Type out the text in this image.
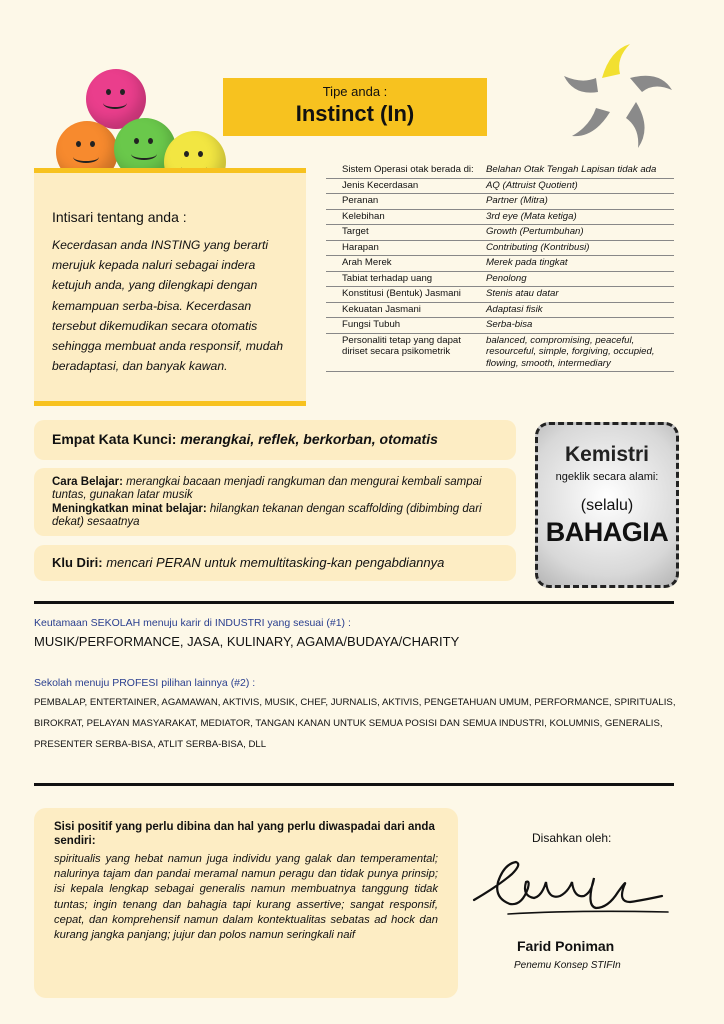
Tipe anda :
Instinct (In)
Intisari tentang anda :
Kecerdasan anda INSTING yang berarti merujuk kepada naluri sebagai indera ketujuh anda, yang dilengkapi dengan kemampuan serba-bisa. Kecerdasan tersebut dikemudikan secara otomatis sehingga membuat anda responsif, mudah beradaptasi, dan banyak kawan.
Sistem Operasi otak berada di:	Belahan Otak Tengah Lapisan tidak ada
Jenis Kecerdasan	AQ (Attruist Quotient)
Peranan	Partner (Mitra)
Kelebihan	3rd eye (Mata ketiga)
Target	Growth (Pertumbuhan)
Harapan	Contributing (Kontribusi)
Arah Merek	Merek pada tingkat
Tabiat terhadap uang	Penolong
Konstitusi (Bentuk) Jasmani	Stenis atau datar
Kekuatan Jasmani	Adaptasi fisik
Fungsi Tubuh	Serba-bisa
Personaliti tetap yang dapat diriset secara psikometrik	balanced, compromising, peaceful, resourceful, simple, forgiving, occupied, flowing, smooth, intermediary
Empat Kata Kunci: merangkai, reflek, berkorban, otomatis

Cara Belajar: merangkai bacaan menjadi rangkuman dan mengurai kembali sampai tuntas, gunakan latar musik

Meningkatkan minat belajar: hilangkan tekanan dengan scaffolding (dibimbing dari dekat) sesaatnya

Klu Diri: mencari PERAN untuk memultitasking-kan pengabdiannya
Kemistri
ngeklik secara alami:
(selalu)
BAHAGIA
Keutamaan SEKOLAH menuju karir di INDUSTRI yang sesuai (#1) :
MUSIK/PERFORMANCE, JASA, KULINARY, AGAMA/BUDAYA/CHARITY
Sekolah menuju PROFESI pilihan lainnya (#2) :
PEMBALAP, ENTERTAINER, AGAMAWAN, AKTIVIS, MUSIK, CHEF, JURNALIS, AKTIVIS, PENGETAHUAN UMUM, PERFORMANCE, SPIRITUALIS, BIROKRAT, PELAYAN MASYARAKAT, MEDIATOR, TANGAN KANAN UNTUK SEMUA POSISI DAN SEMUA INDUSTRI, KOLUMNIS, GENERALIS, PRESENTER SERBA-BISA, ATLIT SERBA-BISA, DLL
Sisi positif yang perlu dibina dan hal yang perlu diwaspadai dari anda sendiri:
spiritualis yang hebat namun juga individu yang galak dan temperamental; nalurinya tajam dan pandai meramal namun peragu dan tidak punya prinsip; isi kepala lengkap sebagai generalis namun membuatnya tanggung tidak tuntas; ingin tenang dan bahagia tapi kurang assertive; sangat responsif, cepat, dan komprehensif namun dalam kontektualitas sebatas ad hock dan kurang jangka panjang; jujur dan polos namun seringkali naif
Disahkan oleh:
Farid Poniman
Penemu Konsep STIFIn
